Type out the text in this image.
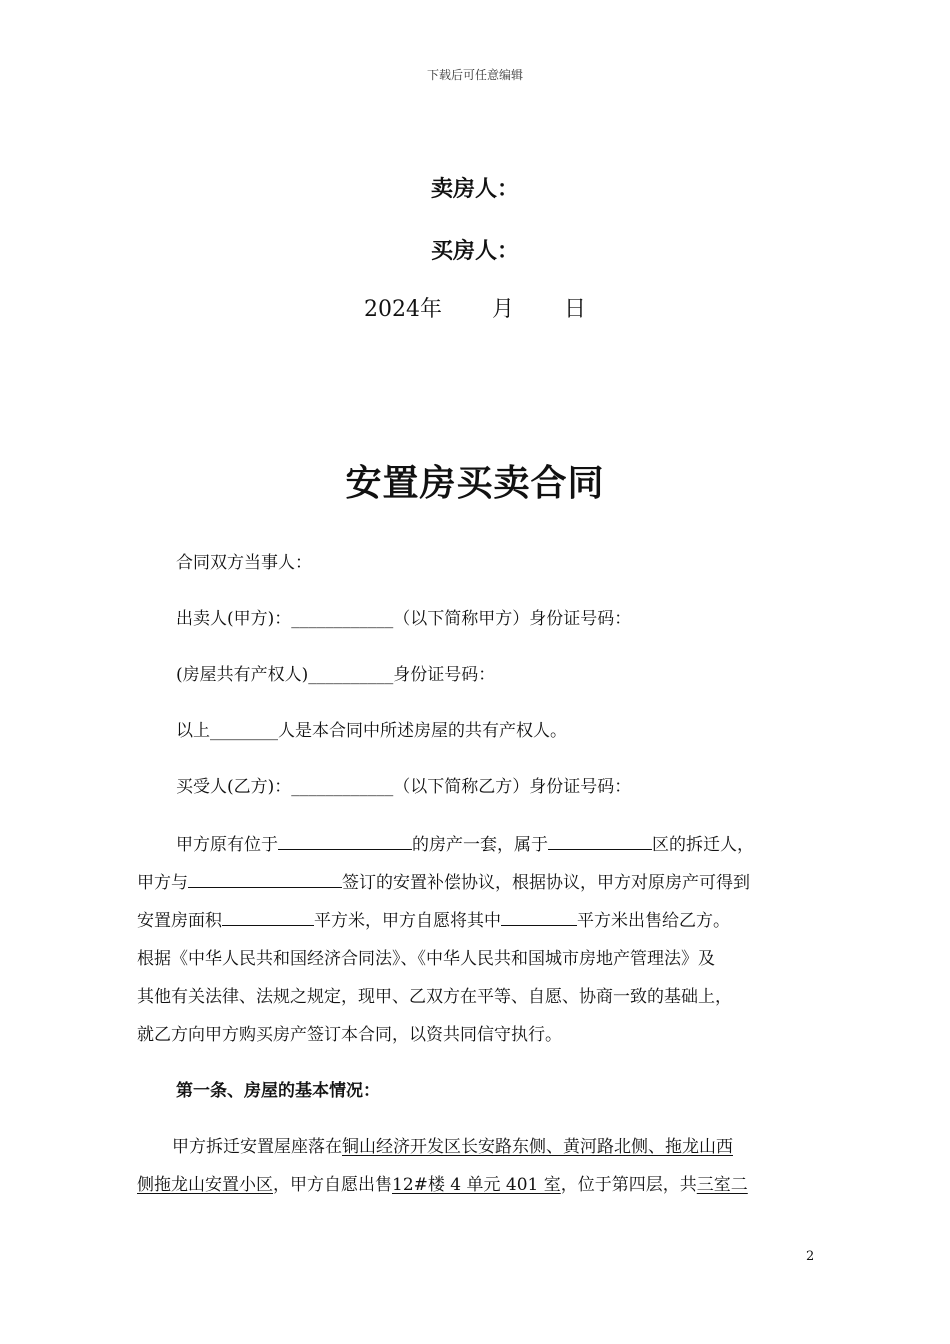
下载后可任意编辑
卖房人：
买房人：
2024年 月 日
安置房买卖合同
合同双方当事人：
出卖人(甲方)：____________（以下简称甲方）身份证号码：
(房屋共有产权人)__________身份证号码：
以上________人是本合同中所述房屋的共有产权人。
买受人(乙方)：____________（以下简称乙方）身份证号码：
甲方原有位于	的房产一套，属于	区的拆迁人，
甲方与	签订的安置补偿协议，根据协议，甲方对原房产可得到
安置房面积	平方米，甲方自愿将其中	平方米出售给乙方。
根据《中华人民共和国经济合同法》、《中华人民共和国城市房地产管理法》及
其他有关法律、法规之规定，现甲、乙双方在平等、自愿、协商一致的基础上，
就乙方向甲方购买房产签订本合同，以资共同信守执行。
第一条、房屋的基本情况：
甲方拆迁安置屋座落在铜山经济开发区长安路东侧、黄河路北侧、拖龙山西
侧拖龙山安置小区，甲方自愿出售12#楼 4 单元 401 室，位于第四层，共三室二
2
